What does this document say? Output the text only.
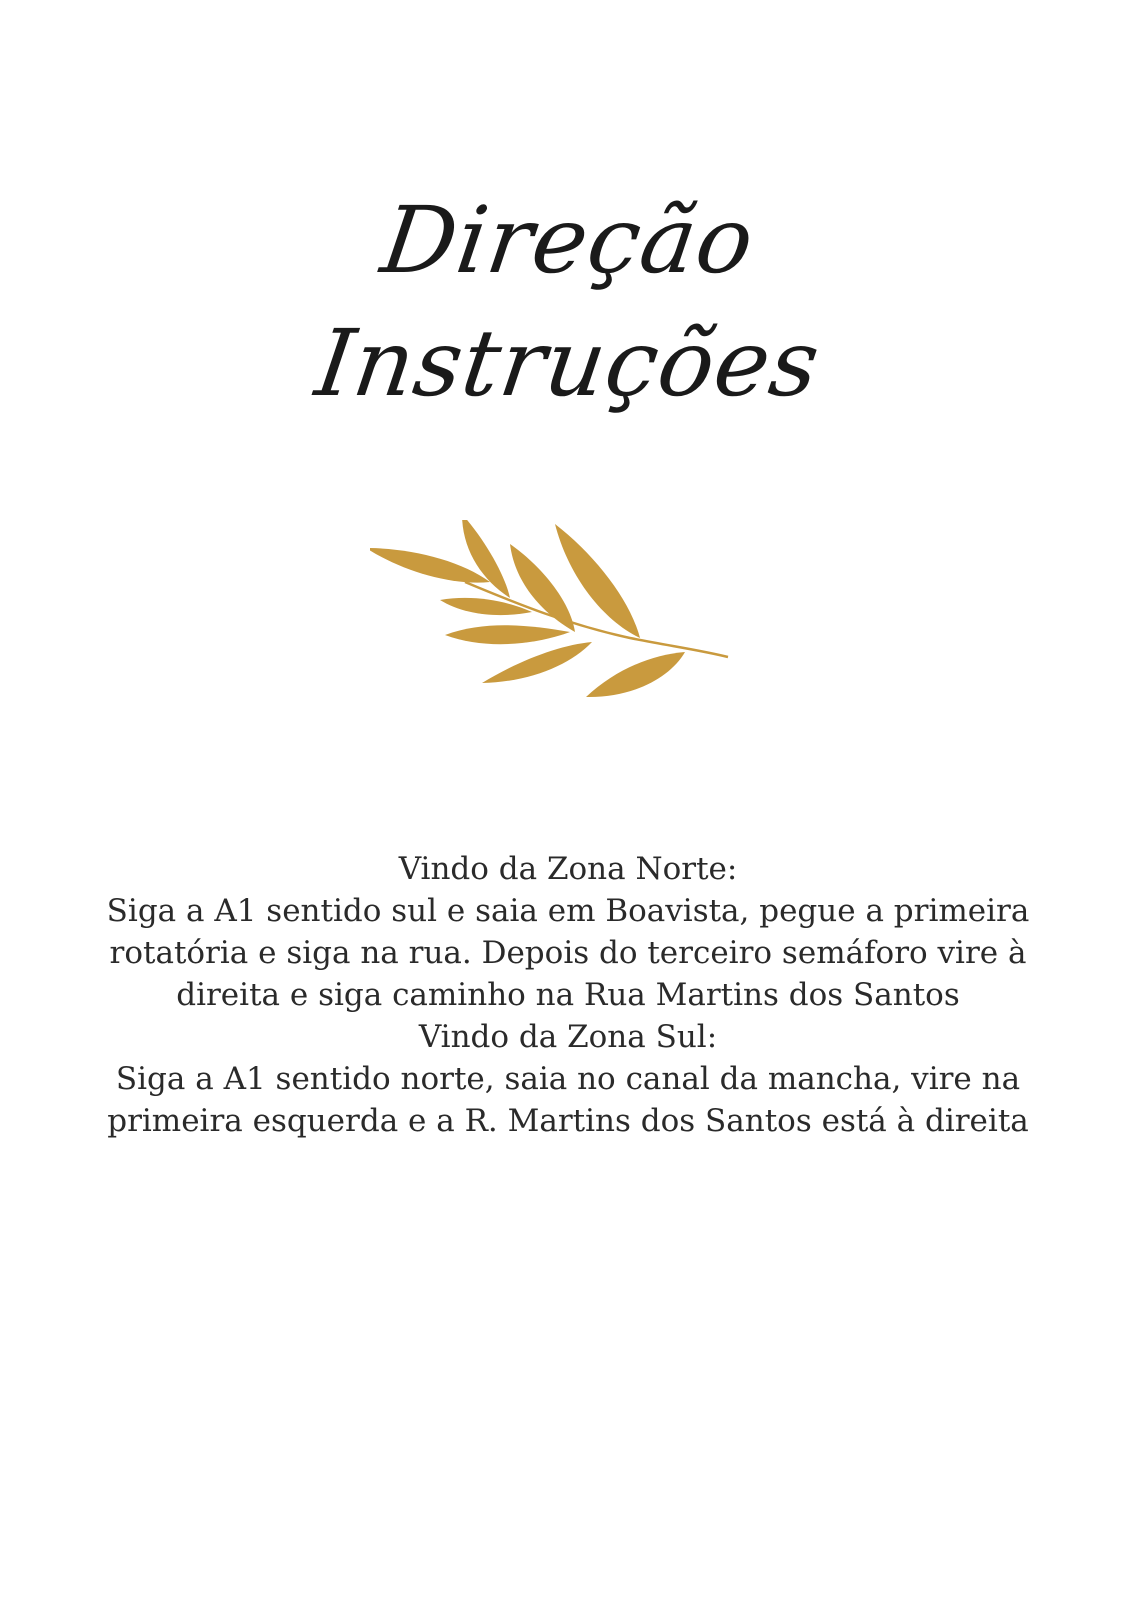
Direção
Instruções

Vindo da Zona Norte:

Siga a A1 sentido sul e saia em Boavista, pegue a primeira rotatória e siga na rua. Depois do terceiro semáforo vire à direita e siga caminho na Rua Martins dos Santos

Vindo da Zona Sul:

Siga a A1 sentido norte, saia no canal da mancha, vire na primeira esquerda e a R. Martins dos Santos está à direita
